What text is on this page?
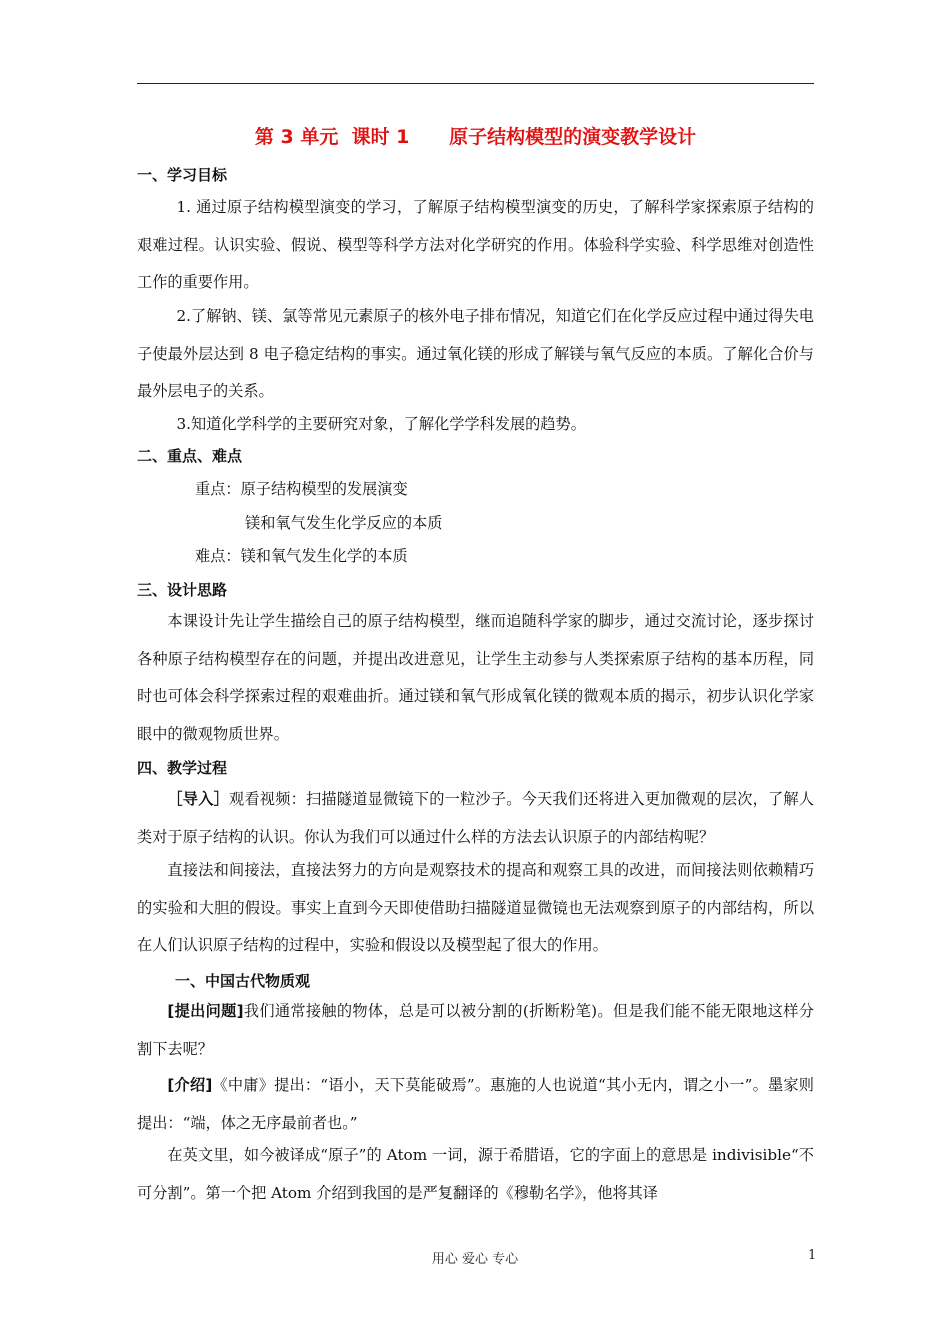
第 3 单元  课时 1      原子结构模型的演变教学设计
一、学习目标
1. 通过原子结构模型演变的学习，了解原子结构模型演变的历史，了解科学家探索原子结构的艰难过程。认识实验、假说、模型等科学方法对化学研究的作用。体验科学实验、科学思维对创造性工作的重要作用。
2.了解钠、镁、氯等常见元素原子的核外电子排布情况，知道它们在化学反应过程中通过得失电子使最外层达到 8 电子稳定结构的事实。通过氧化镁的形成了解镁与氧气反应的本质。了解化合价与最外层电子的关系。
3.知道化学科学的主要研究对象，了解化学学科发展的趋势。
二、重点、难点
重点：原子结构模型的发展演变
镁和氧气发生化学反应的本质
难点：镁和氧气发生化学的本质
三、设计思路
本课设计先让学生描绘自己的原子结构模型，继而追随科学家的脚步，通过交流讨论，逐步探讨各种原子结构模型存在的问题，并提出改进意见，让学生主动参与人类探索原子结构的基本历程，同时也可体会科学探索过程的艰难曲折。通过镁和氧气形成氧化镁的微观本质的揭示，初步认识化学家眼中的微观物质世界。
四、教学过程
［导入］观看视频：扫描隧道显微镜下的一粒沙子。今天我们还将进入更加微观的层次，了解人类对于原子结构的认识。你认为我们可以通过什么样的方法去认识原子的内部结构呢？
直接法和间接法，直接法努力的方向是观察技术的提高和观察工具的改进，而间接法则依赖精巧的实验和大胆的假设。事实上直到今天即使借助扫描隧道显微镜也无法观察到原子的内部结构，所以在人们认识原子结构的过程中，实验和假设以及模型起了很大的作用。
一、中国古代物质观
[提出问题]我们通常接触的物体，总是可以被分割的(折断粉笔)。但是我们能不能无限地这样分割下去呢？
[介绍]《中庸》提出：“语小，天下莫能破焉”。惠施的人也说道“其小无内，谓之小一”。墨家则提出：“端，体之无序最前者也。”
在英文里，如今被译成“原子”的 Atom 一词，源于希腊语，它的字面上的意思是 indivisible“不可分割”。第一个把 Atom 介绍到我国的是严复翻译的《穆勒名学》，他将其译
用心 爱心 专心	1
